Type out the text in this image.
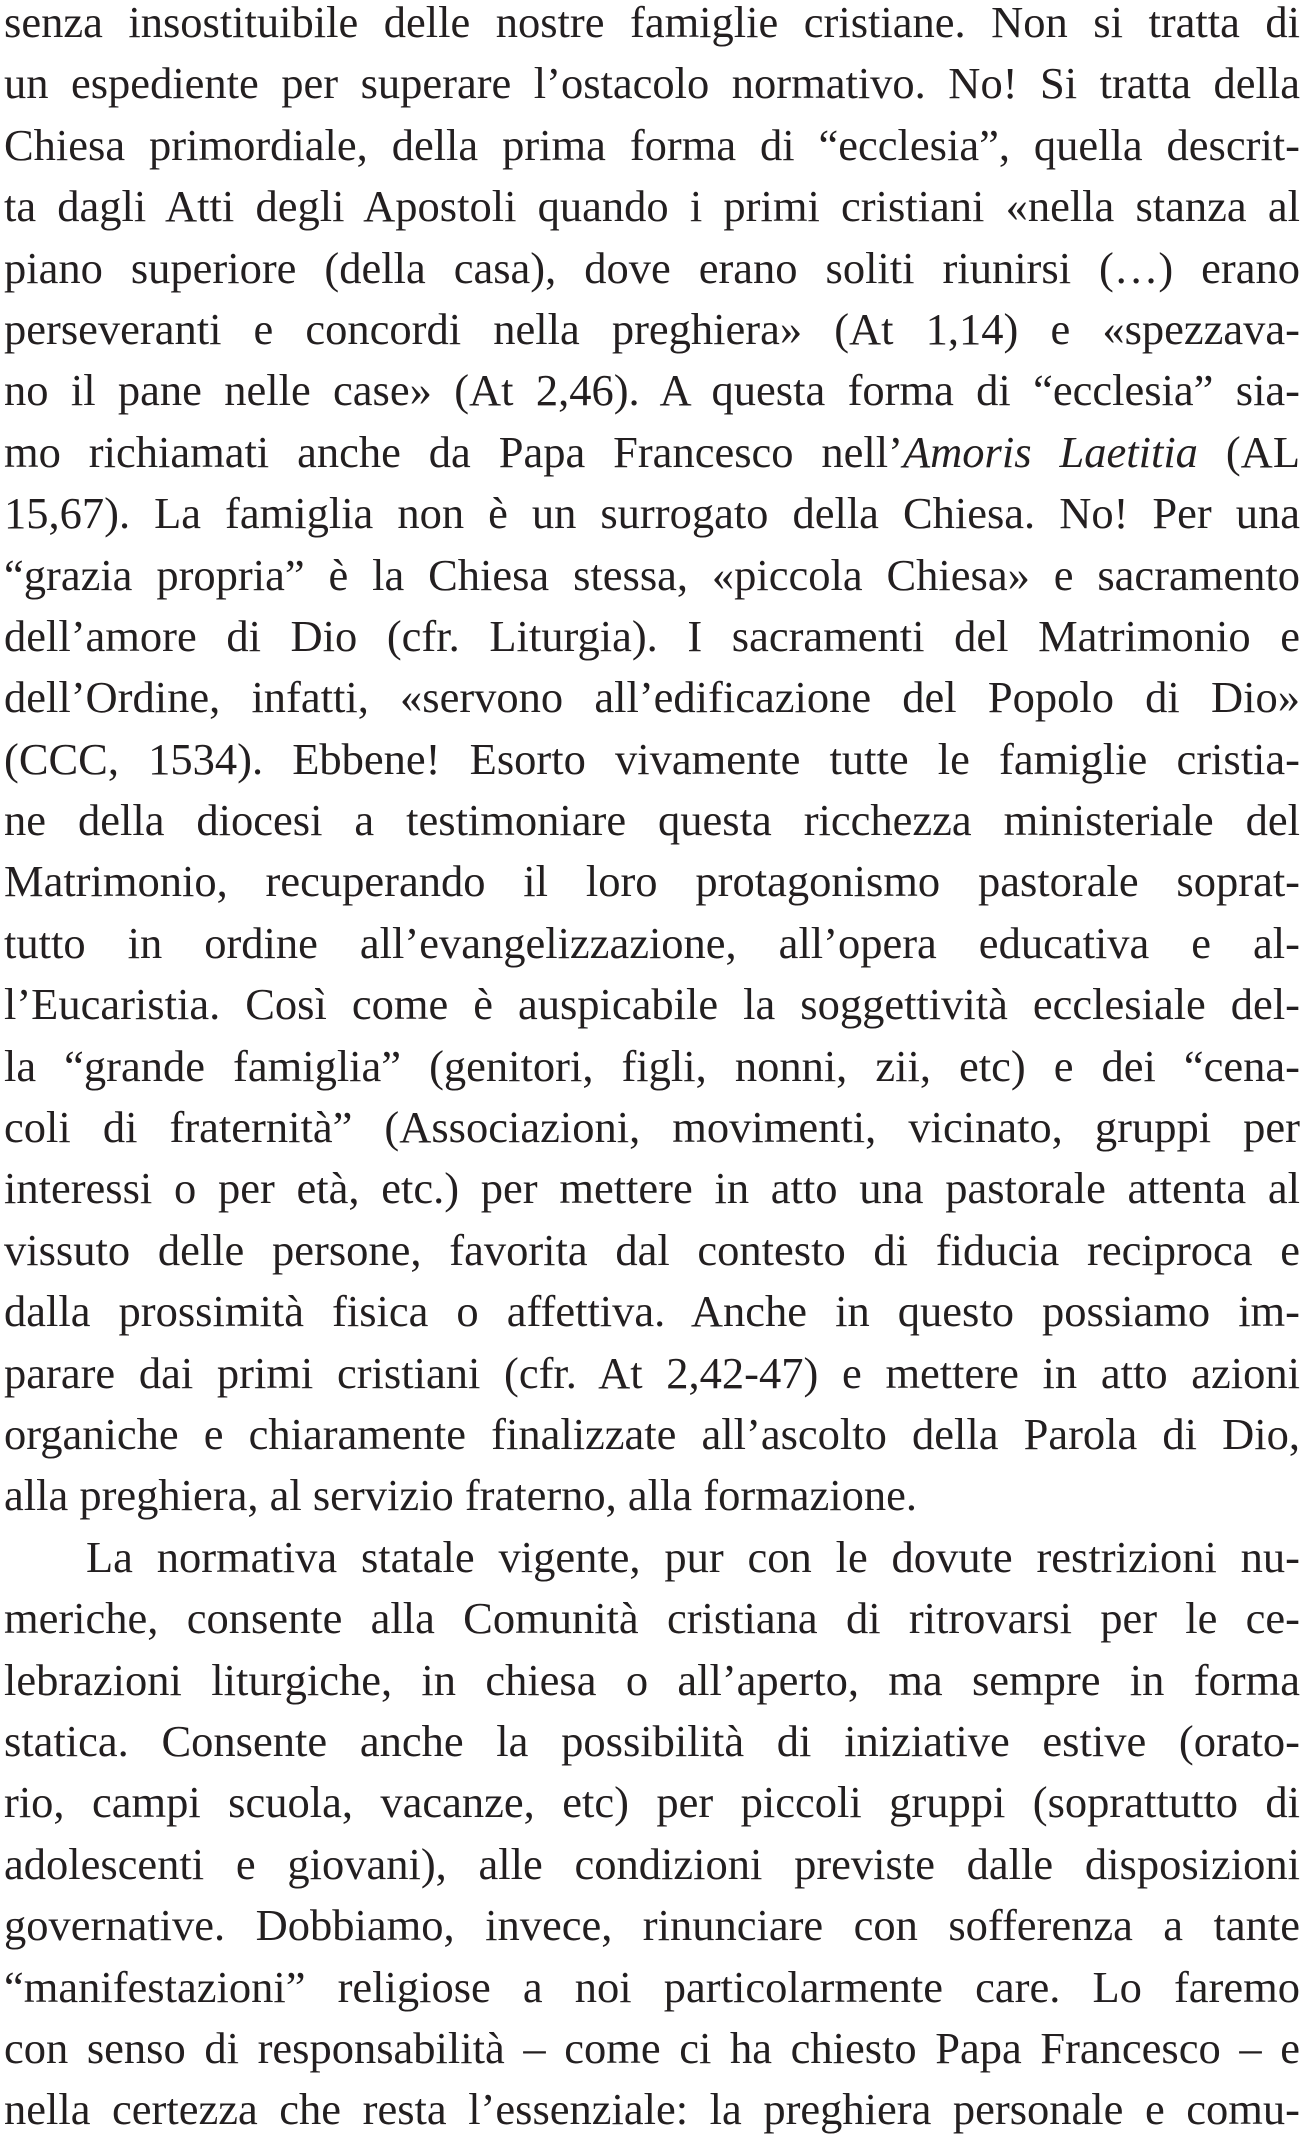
senza insostituibile delle nostre famiglie cristiane. Non si tratta di
un espediente per superare l’ostacolo normativo. No! Si tratta della
Chiesa primordiale, della prima forma di “ecclesia”, quella descrit-
ta dagli Atti degli Apostoli quando i primi cristiani «nella stanza al
piano superiore (della casa), dove erano soliti riunirsi (…) erano
perseveranti e concordi nella preghiera» (At 1,14) e «spezzava-
no il pane nelle case» (At 2,46). A questa forma di “ecclesia” sia-
mo richiamati anche da Papa Francesco nell’Amoris Laetitia (AL
15,67). La famiglia non è un surrogato della Chiesa. No! Per una
“grazia propria” è la Chiesa stessa, «piccola Chiesa» e sacramento
dell’amore di Dio (cfr. Liturgia). I sacramenti del Matrimonio e
dell’Ordine, infatti, «servono all’edificazione del Popolo di Dio»
(CCC, 1534). Ebbene! Esorto vivamente tutte le famiglie cristia-
ne della diocesi a testimoniare questa ricchezza ministeriale del
Matrimonio, recuperando il loro protagonismo pastorale soprat-
tutto in ordine all’evangelizzazione, all’opera educativa e al-
l’Eucaristia. Così come è auspicabile la soggettività ecclesiale del-
la “grande famiglia” (genitori, figli, nonni, zii, etc) e dei “cena-
coli di fraternità” (Associazioni, movimenti, vicinato, gruppi per
interessi o per età, etc.) per mettere in atto una pastorale attenta al
vissuto delle persone, favorita dal contesto di fiducia reciproca e
dalla prossimità fisica o affettiva. Anche in questo possiamo im-
parare dai primi cristiani (cfr. At 2,42-47) e mettere in atto azioni
organiche e chiaramente finalizzate all’ascolto della Parola di Dio,
alla preghiera, al servizio fraterno, alla formazione.
La normativa statale vigente, pur con le dovute restrizioni nu-
meriche, consente alla Comunità cristiana di ritrovarsi per le ce-
lebrazioni liturgiche, in chiesa o all’aperto, ma sempre in forma
statica. Consente anche la possibilità di iniziative estive (orato-
rio, campi scuola, vacanze, etc) per piccoli gruppi (soprattutto di
adolescenti e giovani), alle condizioni previste dalle disposizioni
governative. Dobbiamo, invece, rinunciare con sofferenza a tante
“manifestazioni” religiose a noi particolarmente care. Lo faremo
con senso di responsabilità – come ci ha chiesto Papa Francesco – e
nella certezza che resta l’essenziale: la preghiera personale e comu-
